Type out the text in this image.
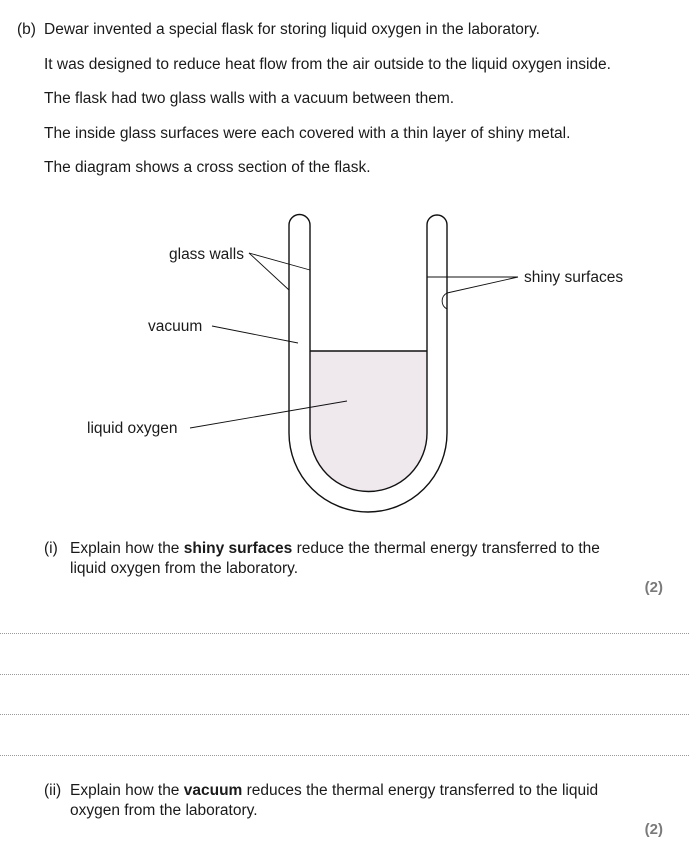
(b) Dewar invented a special flask for storing liquid oxygen in the laboratory.
It was designed to reduce heat flow from the air outside to the liquid oxygen inside.
The flask had two glass walls with a vacuum between them.
The inside glass surfaces were each covered with a thin layer of shiny metal.
The diagram shows a cross section of the flask.
glass walls
vacuum
liquid oxygen
shiny surfaces
(i) Explain how the shiny surfaces reduce the thermal energy transferred to the
liquid oxygen from the laboratory.
(2)
(ii) Explain how the vacuum reduces the thermal energy transferred to the liquid
oxygen from the laboratory.
(2)
